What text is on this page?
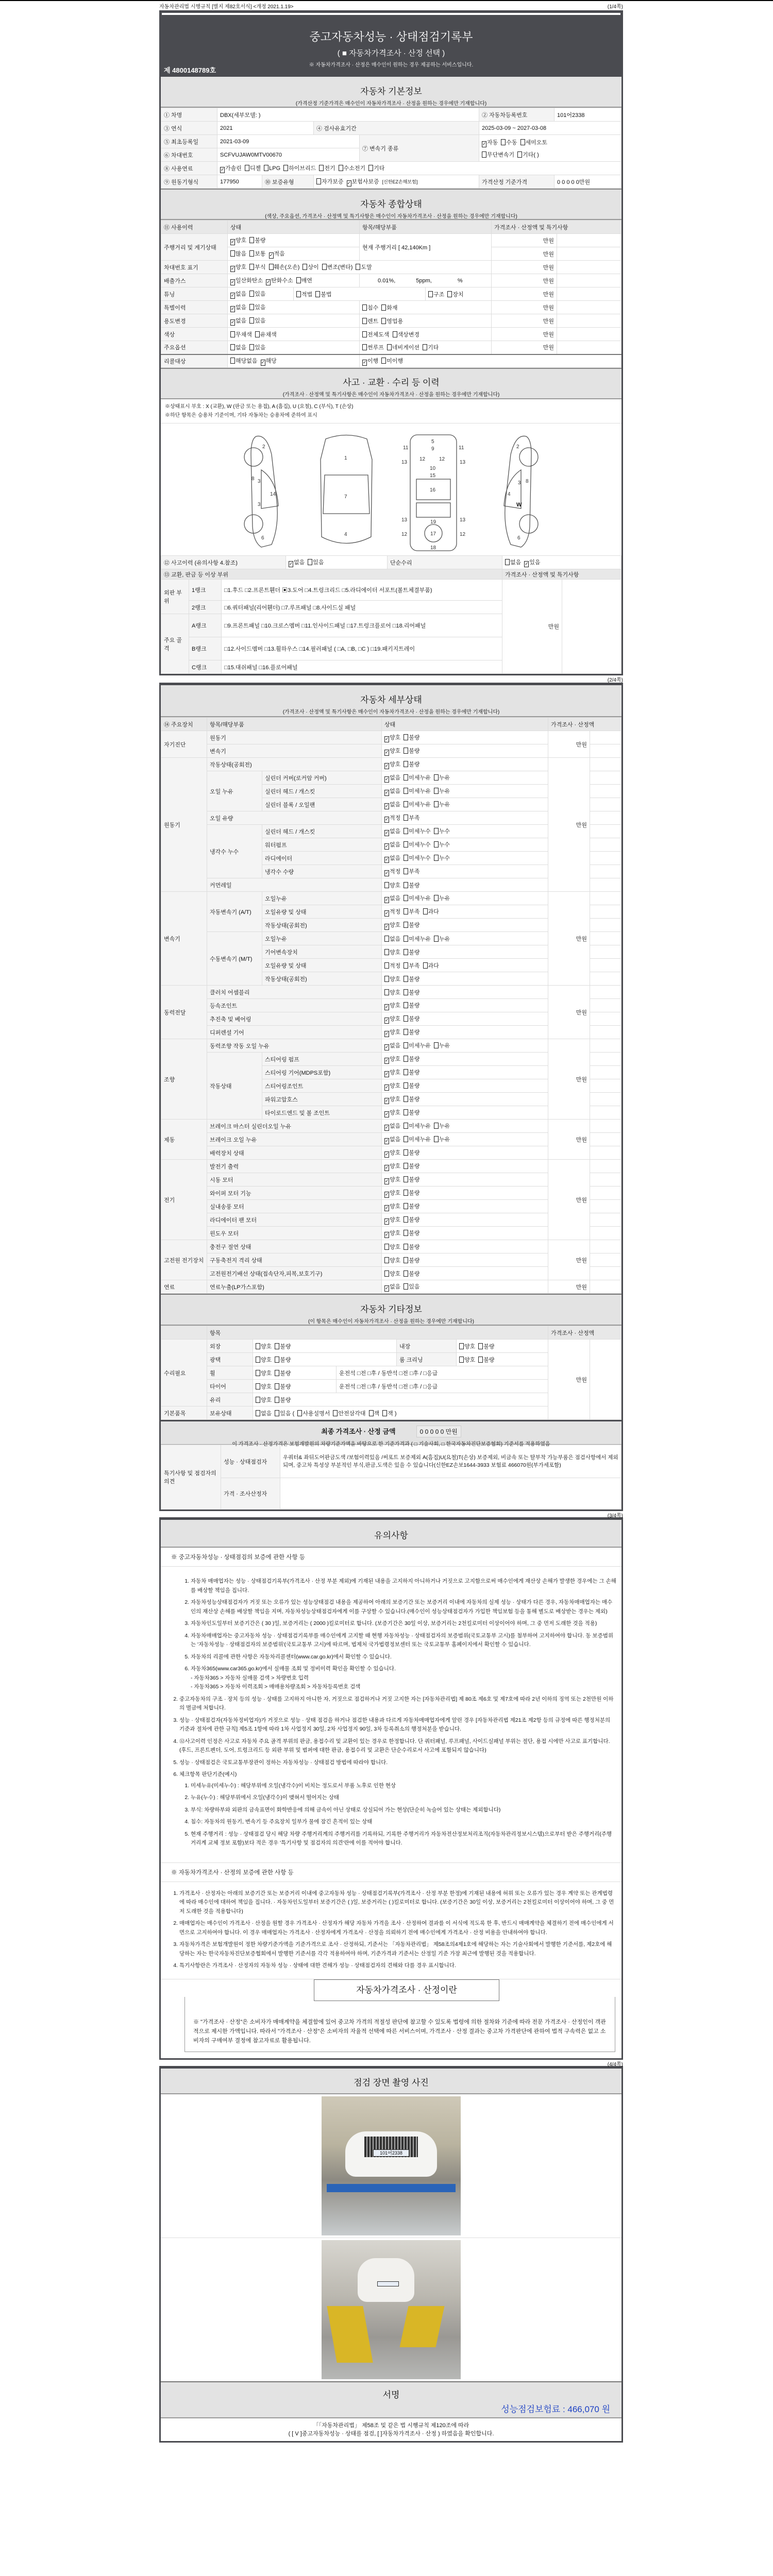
자동차관리법 시행규칙 [별지 제82호서식] <개정 2021.1.19>	(1/4쪽)
중고자동차성능 · 상태점검기록부
( ■ 자동차가격조사 · 산정 선택 )
※ 자동차가격조사 · 산정은 매수인이 원하는 경우 제공하는 서비스입니다.
제 4800148789호
자동차 기본정보
(가격산정 기준가격은 매수인이 자동차가격조사 · 산정을 원하는 경우에만 기재합니다)
① 차명	DBX(세부모델: )				② 자동차등록번호	101어2338
③ 연식	2021		④ 검사유효기간		2025-03-09 ~ 2027-03-08	
⑤ 최초등록일	2021-03-09			⑦ 변속기 종류	✓자동 수동 세미오토
무단변속기 기타( )	

⑥ 차대번호	SCFVUJAW0MTV00670					
⑧ 사용연료	✓가솔린 디젤 LPG 하이브리드 전기 수소전기 기타					
⑨ 원동기형식	177950	⑩ 보증유형	자가보증 ✓보험사보증 [신한EZ손해보험]		가격산정 기준가격	0 0 0 0 0만원
자동차 종합상태
(색상, 주요옵션, 가격조사 · 산정액 및 특기사항은 매수인이 자동차가격조사 · 산정을 원하는 경우에만 기재합니다)
⑪ 사용이력	상태		항목/해당부품		가격조사 · 산정액 및 특기사항	
주행거리 및 계기상태	✓양호 불량		현재 주행거리 [ 42,140Km ]		만원	
	많음 보통 ✓적음				만원	
차대번호 표기	✓양호 부식 훼손(오손) 상이 변조(변타) 도말				만원	
배출가스	✓일산화탄소 ✓탄화수소 매연		0.01%, 5ppm, %		만원	
튜닝	✓없음 있음	적법 불법		구조 장치	만원	
특별이력	✓없음 있음		침수 화재		만원	
용도변경	✓없음 있음		렌트 영업용		만원	
색상	무채색 유채색		전체도색 색상변경		만원	
주요옵션	없음 있음		썬루프 네비게이션 기타		만원	
리콜대상	해당없음 ✓해당		✓이행 미이행			
사고 · 교환 · 수리 등 이력
(가격조사 · 산정액 및 특기사항은 매수인이 자동차가격조사 · 산정을 원하는 경우에만 기재합니다)
※상태표시 부호 : X (교환), W (판금 또는 용접), A (흠집), U (요철), C (부식), T (손상)
※하단 항목은 승용차 기준이며, 기타 자동차는 승용차에 준하여 표시
2
3
3
8
14
6
1
7
4
5
9
11	11
13	13
12	12
10
15
16
13	13
19
17
18
12	12
2
3 8
4
6
W
⑫ 사고이력 (유의사항 4.참조)			✓없음 있음	단순수리	없음 ✓있음	
⑬ 교환, 판금 등 이상 부위					가격조사 · 산정액 및 특기사항	
외판 부위	1랭크	□1.후드 □2.프론트휀더 ▣3.도어 □4.트렁크리드 □5.라디에이터 서포트(볼트체결부품)			만원	
	2랭크	□6.쿼터패널(리어휀더) □7.루프패널 □8.사이드실 패널				
주요 골격	A랭크	□9.프론트패널 □10.크로스멤버 □11.인사이드패널 □17.트렁크플로어 □18.리어패널				
	B랭크	□12.사이드멤버 □13.휠하우스 □14.필러패널 ( □A, □B, □C ) □19.패키지트레이				
	C랭크	□15.대쉬패널 □16.플로어패널				
(2/4쪽)
자동차 세부상태
(가격조사 · 산정액 및 특기사항은 매수인이 자동차가격조사 · 산정을 원하는 경우에만 기재합니다)
⑭ 주요장치	항목/해당부품		상태	가격조사 · 산정액	
자기진단	원동기		✓양호 불량	만원	
	변속기		✓양호 불량		
원동기	작동상태(공회전)		✓양호 불량	만원	
	오일 누유	실린더 커버(로커암 커버)	✓없음 미세누유 누유		
		실린더 헤드 / 개스킷	✓없음 미세누유 누유		
		실린더 블록 / 오일팬	✓없음 미세누유 누유		
	오일 유량		✓적정 부족		
	냉각수 누수	실린더 헤드 / 개스킷	✓없음 미세누수 누수		
		워터펌프	✓없음 미세누수 누수		
		라디에이터	✓없음 미세누수 누수		
		냉각수 수량	✓적정 부족		
	커먼레일		양호 불량		
변속기	자동변속기 (A/T)	오일누유	✓없음 미세누유 누유	만원	
		오일유량 및 상태	✓적정 부족 과다		
		작동상태(공회전)	✓양호 불량		
	수동변속기 (M/T)	오일누유	없음 미세누유 누유		
		기어변속장치	양호 불량		
		오일유량 및 상태	적정 부족 과다		
		작동상태(공회전)	양호 불량		
동력전달	클러치 어셈블리		양호 불량	만원	
	등속조인트		✓양호 불량		
	추진축 및 베어링		✓양호 불량		
	디퍼렌셜 기어		✓양호 불량		
조향	동력조향 작동 오일 누유		✓없음 미세누유 누유	만원	
	작동상태	스티어링 펌프	✓양호 불량		
		스티어링 기어(MDPS포함)	✓양호 불량		
		스티어링조인트	✓양호 불량		
		파워고압호스	✓양호 불량		
		타이로드엔드 및 볼 조인트	✓양호 불량		
제동	브레이크 마스터 실린더오일 누유		✓없음 미세누유 누유	만원	
	브레이크 오일 누유		✓없음 미세누유 누유		
	배력장치 상태		✓양호 불량		
전기	발전기 출력		✓양호 불량	만원	
	시동 모터		✓양호 불량		
	와이퍼 모터 기능		✓양호 불량		
	실내송풍 모터		✓양호 불량		
	라디에이터 팬 모터		✓양호 불량		
	윈도우 모터		✓양호 불량		
고전원 전기장치	충전구 절연 상태		양호 불량	만원	
	구동축전지 격리 상태		양호 불량		
	고전원전기배선 상태(접속단자,피복,보호기구)		양호 불량		
연료	연료누출(LP가스포함)		✓없음 있음	만원	
자동차 기타정보
(이 항목은 매수인이 자동차가격조사 · 산정을 원하는 경우에만 기재합니다)
	항목					가격조사 · 산정액	
수리필요	외장	양호 불량		내장	양호 불량	만원	
	광택	양호 불량		룸 크리닝	양호 불량		
	휠	양호 불량	운전석 □전 □후 / 동반석 □전 □후 / □응급				
	타이어	양호 불량	운전석 □전 □후 / 동반석 □전 □후 / □응급				
	유리	양호 불량					
기본품목	보유상태	없음 있음 ( 사용설명서 안전삼각대 잭 잭 )					
최종 가격조사 · 산정 금액	0 0 0 0 0 만원
이 가격조사 · 산정가격은 보험개발원의 차량기준가액을 바탕으로 한 기준가격과 ( □ 기술사회, □ 한국자동차진단보증협회) 기준서를 적용하였음
특기사항 및 점검자의 의견	성능 · 상태점검자	우쿼터& 좌뒤도어판금도색 /보험이력있음 /써포트 보증제외 A(흠집)U(요철)T(손상) 보증제외, 비금속 또는 탈부착 가능부품은 점검사항에서 제외되며, 중고차 특성상 부분적인 부식,판금,도색은 있을 수 있습니다(신한EZ손보1644-3933 보험료 466070원(부가세포함)
	가격 · 조사산정자	
(3/4쪽)
유의사항
※ 중고자동차성능 · 상태점검의 보증에 관한 사항 등
1. 자동차 매매업자는 성능 · 상태점검기록부(가격조사 · 산정 부분 제외)에 기재된 내용을 고지하지 아니하거나 거짓으로 고지함으로써 매수인에게 재산상 손해가 발생한 경우에는 그 손해를 배상할 책임을 집니다.
2. 자동차성능상태점검자가 거짓 또는 오류가 있는 성능상태점검 내용을 제공하여 아래의 보증기간 또는 보증거리 이내에 자동차의 실제 성능 · 상태가 다른 경우, 자동차매매업자는 매수인의 재산상 손해를 배상할 책임을 지며, 자동차성능상태점검자에게 이를 구상할 수 있습니다.(매수인이 성능상태점검자가 가입한 책임보험 등을 통해 별도로 배상받는 경우는 제외)
3. 자동차인도일부터 보증기간은 ( 30 )일, 보증거리는 ( 2000 )킬로미터로 합니다. (보증기간은 30일 이상, 보증거리는 2천킬로미터 이상이어야 하며, 그 중 먼저 도래한 것을 적용)
4. 자동차매매업자는 중고자동차 성능 · 상태점검기록부를 매수인에게 고지할 때 현행 자동차성능 · 상태점검자의 보증범위(국토교통부 고시)를 첨부하여 고지하여야 합니다. 동 보증범위는 '자동차성능 · 상태점검자의 보증범위'(국토교통부 고시)에 따르며, 법제처 국가법령정보센터 또는 국토교통부 홈페이지에서 확인할 수 있습니다.
5. 자동차의 리콜에 관한 사항은 자동차리콜센터(www.car.go.kr)에서 확인할 수 있습니다.
6. 자동차365(www.car365.go.kr)에서 실매물 조회 및 정비이력 확인을 확인할 수 있습니다.
- 자동차365 > 자동차 실매물 검색 > 차량번호 입력
- 자동차365 > 자동차 이력조회 > 매매용차량조회 > 자동차등록번호 검색
2. 중고자동차의 구조 · 장치 등의 성능 · 상태를 고지하지 아니한 자, 거짓으로 점검하거나 거짓 고지한 자는 [자동차관리법] 제 80조 제6호 및 제7호에 따라 2년 이하의 징역 또는 2천만원 이하의 벌금에 처합니다.
3. 성능 · 상태점검자(자동차정비업자)가 거짓으로 성능 · 상태 점검을 하거나 점검한 내용과 다르게 자동차매매업자에게 알린 경우 [자동차관리법 제21조 제2항 등의 규정에 따른 행정처분의 기준과 절차에 관한 규칙] 제5조 1항에 따라 1차 사업정지 30일, 2차 사업정지 90일, 3차 등록취소의 행정처분을 받습니다.
4. ⑫사고이력 인정은 사고로 자동차 주요 골격 부위의 판금, 용접수리 및 교환이 있는 경우로 한정합니다. 단 쿼터패널, 루프패널, 사이드실패널 부위는 절단, 용접 시에만 사고로 표기합니다. (후드, 프론트펜더, 도어, 트렁크리드 등 외판 부위 및 범퍼에 대한 판금, 용접수리 및 교환은 단순수리로서 사고에 포함되지 않습니다)
5. 성능 · 상태점검은 국토교통부장관이 정하는 자동차성능 · 상태점검 방법에 따라야 합니다.
6. 체크항목 판단기준(예시)
1. 미세누유(미세누수) : 해당부위에 오일(냉각수)이 비치는 정도로서 부품 노후로 인한 현상
2. 누유(누수) : 해당부위에서 오일(냉각수)이 맺혀서 떨어지는 상태
3. 부식: 차량하부와 외판의 금속표면이 화학반응에 의해 금속이 아닌 상태로 상실되어 가는 현상(단순히 녹슬어 있는 상태는 제외합니다)
4. 침수: 자동차의 원동기, 변속기 등 주요장치 일부가 물에 잠긴 흔적이 있는 상태
5. 현재 주행거리 : 성능 · 상태점검 당시 해당 차량 주행거리계의 주행거리를 기록하되, 기록한 주행거리가 자동차전산정보처리조직(자동차관리정보시스템)으로부터 받은 주행거리(주행거리계 교체 정보 포함)보다 적은 경우 '특기사항 및 점검자의 의견'란에 이를 적어야 합니다.
※ 자동차가격조사 · 산정의 보증에 관한 사항 등
1. 가격조사 · 산정자는 아래의 보증기간 또는 보증거리 이내에 중고자동차 성능 · 상태점검기록부(가격조사 · 산정 부분 한정)에 기재된 내용에 허위 또는 오류가 있는 경우 계약 또는 관계법령에 따라 매수인에 대하여 책임을 집니다. · 자동차인도일부터 보증기간은 ( )일, 보증거리는 ( )킬로미터로 합니다. (보증기간은 30일 이상, 보증거리는 2천킬로미터 이상이어야 하며, 그 중 먼저 도래한 것을 적용합니다)
2. 매매업자는 매수인이 가격조사 · 산정을 원할 경우 가격조사 · 산정자가 해당 자동차 가격을 조사 · 산정하여 결과를 이 서식에 적도록 한 후, 반드시 매매계약을 체결하기 전에 매수인에게 서면으로 고지하여야 합니다. 이 경우 매매업자는 가격조사 · 산정자에게 가격조사 · 산정을 의뢰하기 전에 매수인에게 가격조사 · 산정 비용을 안내하여야 합니다.
3. 자동차가격은 보험개발원이 정한 차량기준가액을 기준가격으로 조사 · 산정하되, 기준서는 「자동차관리법」 제58조의4제1호에 해당하는 자는 기술사회에서 발행한 기준서를, 제2호에 해당하는 자는 한국자동차진단보증협회에서 발행한 기준서를 각각 적용하여야 하며, 기준가격과 기준서는 산정일 기준 가장 최근에 발행된 것을 적용합니다.
4. 특기사항란은 가격조사 · 산정자의 자동차 성능 · 상태에 대한 견해가 성능 · 상태점검자의 견해와 다를 경우 표시합니다.
자동차가격조사 · 산정이란
※ "가격조사 · 산정"은 소비자가 매매계약을 체결함에 있어 중고차 가격의 적절성 판단에 참고할 수 있도록 법령에 의한 절차와 기준에 따라 전문 가격조사 · 산정인이 객관적으로 제시한 가액입니다. 따라서 "가격조사 · 산정"은 소비자의 자율적 선택에 따른 서비스이며, 가격조사 · 산정 결과는 중고차 가격판단에 관하여 법적 구속력은 없고 소비자의 구매여부 결정에 참고자료로 활용됩니다.
(4/4쪽)
점검 장면 촬영 사진
101어2338
서명
성능점검보험료 : 466,070 원
「「자동차관리법」 제58조 및 같은 법 시행규칙 제120조에 따라
( [ V ]중고자동차성능 · 상태를 점검, [ ]자동차가격조사 · 산정 ) 하였음을 확인합니다.
